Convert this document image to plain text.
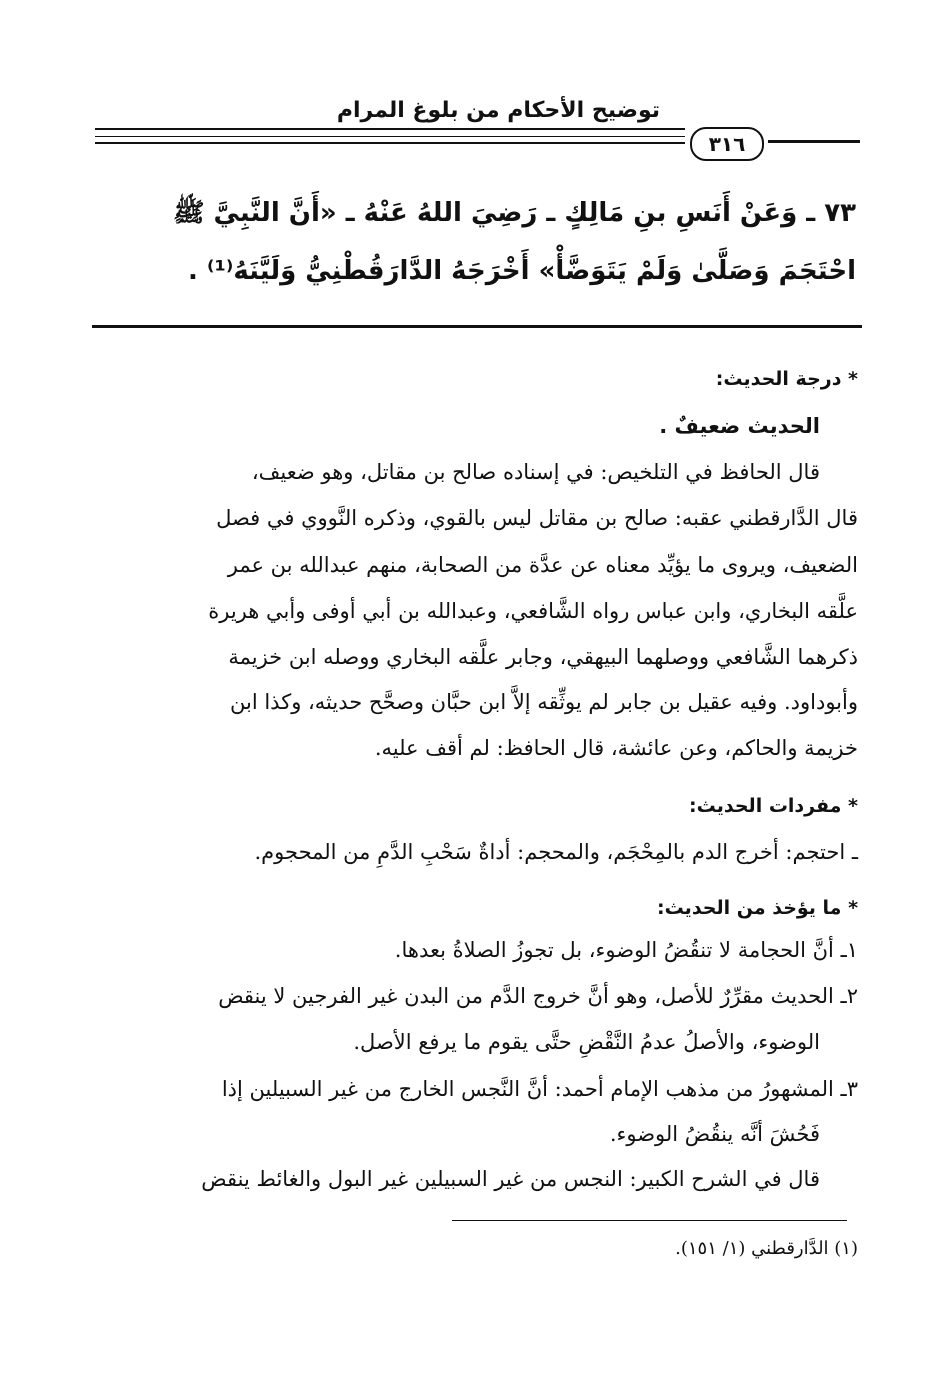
توضيح الأحكام من بلوغ المرام
٣١٦
٧٣ ـ وَعَنْ أَنَسِ بنِ مَالِكٍ ـ رَضِيَ اللهُ عَنْهُ ـ «أَنَّ النَّبِيَّ ﷺ
احْتَجَمَ وَصَلَّىٰ وَلَمْ يَتَوَضَّأْ» أَخْرَجَهُ الدَّارَقُطْنِيُّ وَلَيَّنَهُ⁽¹⁾ .
* درجة الحديث:
الحديث ضعيفٌ .
قال الحافظ في التلخيص: في إسناده صالح بن مقاتل، وهو ضعيف،
قال الدَّارقطني عقبه: صالح بن مقاتل ليس بالقوي، وذكره النَّووي في فصل
الضعيف، ويروى ما يؤيِّد معناه عن عدَّة من الصحابة، منهم عبدالله بن عمر
علَّقه البخاري، وابن عباس رواه الشَّافعي، وعبدالله بن أبي أوفى وأبي هريرة
ذكرهما الشَّافعي ووصلهما البيهقي، وجابر علَّقه البخاري ووصله ابن خزيمة
وأبوداود. وفيه عقيل بن جابر لم يوثِّقه إلاَّ ابن حبَّان وصحَّح حديثه، وكذا ابن
خزيمة والحاكم، وعن عائشة، قال الحافظ: لم أقف عليه.
* مفردات الحديث:
ـ احتجم: أخرج الدم بالمِحْجَم، والمحجم: أداةٌ سَحْبِ الدَّمِ من المحجوم.
* ما يؤخذ من الحديث:
١ـ أنَّ الحجامة لا تنقُضُ الوضوء، بل تجوزُ الصلاةُ بعدها.
٢ـ الحديث مقرِّرٌ للأصل، وهو أنَّ خروج الدَّم من البدن غير الفرجين لا ينقض
الوضوء، والأصلُ عدمُ النَّقْضِ حتَّى يقوم ما يرفع الأصل.
٣ـ المشهورُ من مذهب الإمام أحمد: أنَّ النَّجس الخارج من غير السبيلين إذا
فَحُشَ أنَّه ينقُضُ الوضوء.
قال في الشرح الكبير: النجس من غير السبيلين غير البول والغائط ينقض
(١) الدَّارقطني (١/ ١٥١).
